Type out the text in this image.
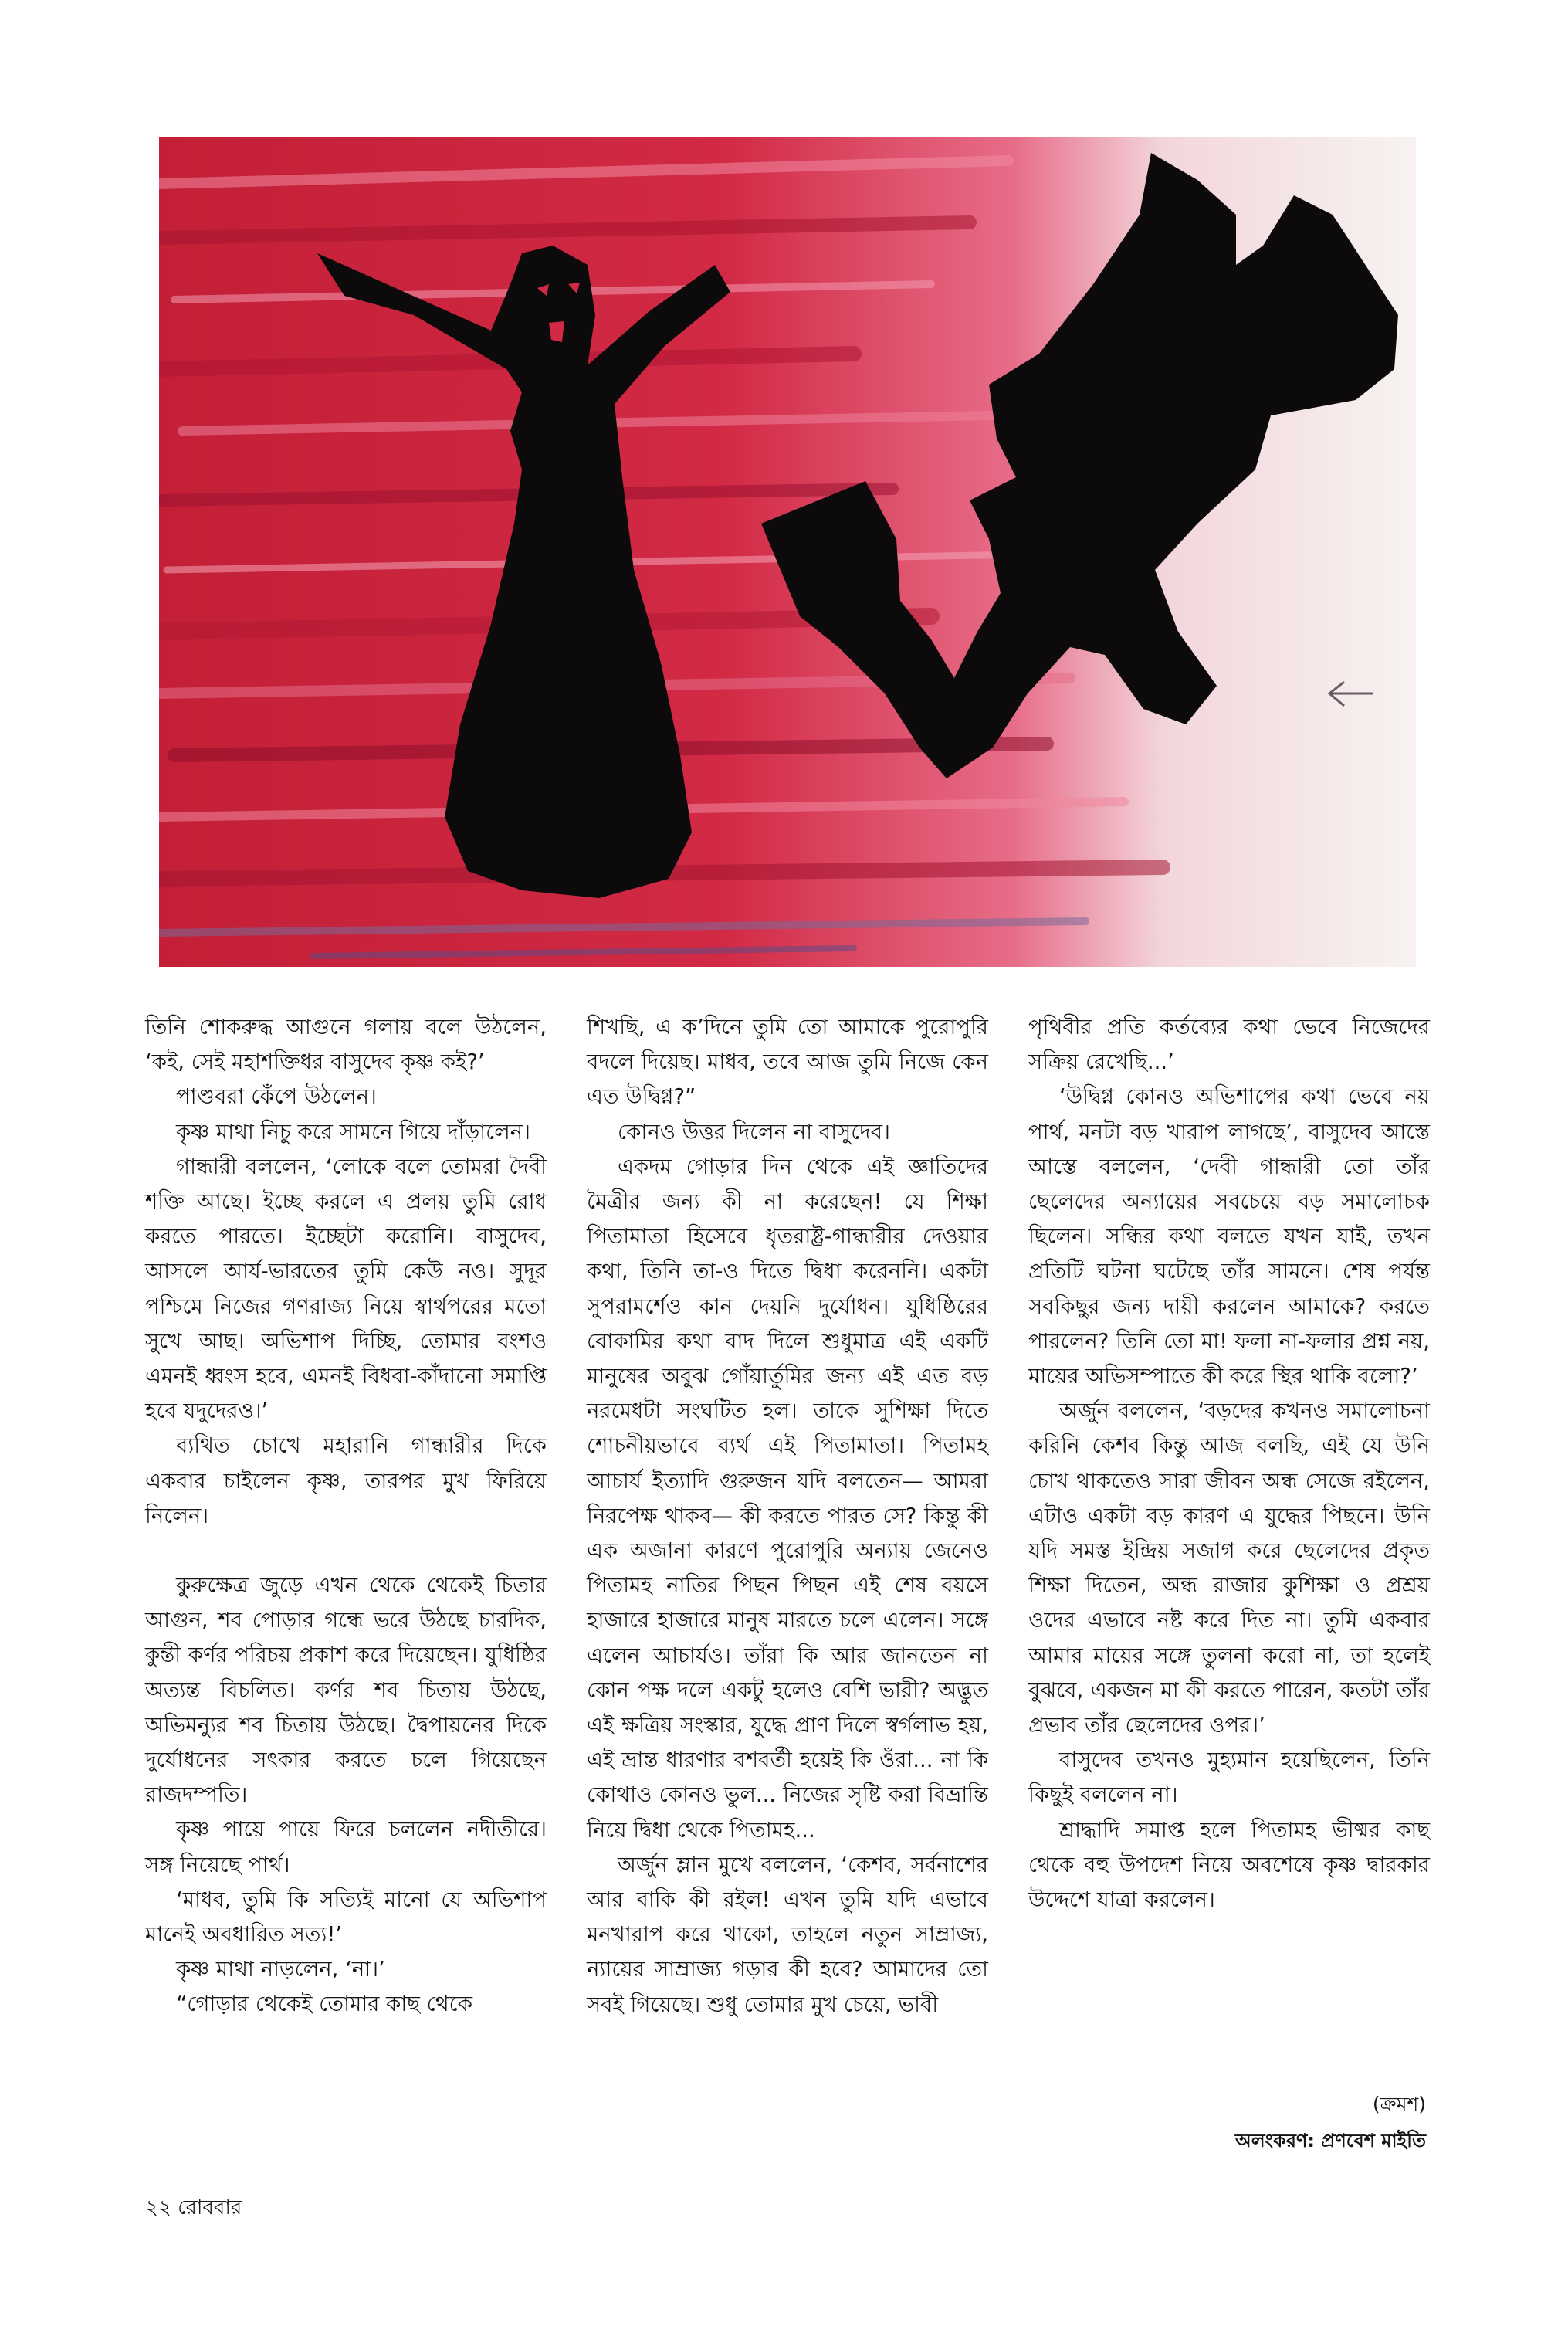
তিনি শোকরুদ্ধ আগুনে গলায় বলে উঠলেন, ‘কই, সেই মহাশক্তিধর বাসুদেব কৃষ্ণ কই?’

পাণ্ডবরা কেঁপে উঠলেন।

কৃষ্ণ মাথা নিচু করে সামনে গিয়ে দাঁড়ালেন।

গান্ধারী বললেন, ‘লোকে বলে তোমরা দৈবী শক্তি আছে। ইচ্ছে করলে এ প্রলয় তুমি রোধ করতে পারতে। ইচ্ছেটা করোনি। বাসুদেব, আসলে আর্য-ভারতের তুমি কেউ নও। সুদূর পশ্চিমে নিজের গণরাজ্য নিয়ে স্বার্থপরের মতো সুখে আছ। অভিশাপ দিচ্ছি, তোমার বংশও এমনই ধ্বংস হবে, এমনই বিধবা-কাঁদানো সমাপ্তি হবে যদুদেরও।’

ব্যথিত চোখে মহারানি গান্ধারীর দিকে একবার চাইলেন কৃষ্ণ, তারপর মুখ ফিরিয়ে নিলেন।

কুরুক্ষেত্র জুড়ে এখন থেকে থেকেই চিতার আগুন, শব পোড়ার গন্ধে ভরে উঠছে চারদিক, কুন্তী কর্ণর পরিচয় প্রকাশ করে দিয়েছেন। যুধিষ্ঠির অত্যন্ত বিচলিত। কর্ণর শব চিতায় উঠছে, অভিমন্যুর শব চিতায় উঠছে। দ্বৈপায়নের দিকে দুর্যোধনের সৎকার করতে চলে গিয়েছেন রাজদম্পতি।

কৃষ্ণ পায়ে পায়ে ফিরে চললেন নদীতীরে। সঙ্গ নিয়েছে পার্থ।

‘মাধব, তুমি কি সত্যিই মানো যে অভিশাপ মানেই অবধারিত সত্য!’

কৃষ্ণ মাথা নাড়লেন, ‘না।’

“গোড়ার থেকেই তোমার কাছ থেকে

শিখছি, এ ক’দিনে তুমি তো আমাকে পুরোপুরি বদলে দিয়েছ। মাধব, তবে আজ তুমি নিজে কেন এত উদ্বিগ্ন?”

কোনও উত্তর দিলেন না বাসুদেব।

একদম গোড়ার দিন থেকে এই জ্ঞাতিদের মৈত্রীর জন্য কী না করেছেন! যে শিক্ষা পিতামাতা হিসেবে ধৃতরাষ্ট্র-গান্ধারীর দেওয়ার কথা, তিনি তা-ও দিতে দ্বিধা করেননি। একটা সুপরামর্শেও কান দেয়নি দুর্যোধন। যুধিষ্ঠিরের বোকামির কথা বাদ দিলে শুধুমাত্র এই একটি মানুষের অবুঝ গোঁয়ার্তুমির জন্য এই এত বড় নরমেধটা সংঘটিত হল। তাকে সুশিক্ষা দিতে শোচনীয়ভাবে ব্যর্থ এই পিতামাতা। পিতামহ আচার্য ইত্যাদি গুরুজন যদি বলতেন— আমরা নিরপেক্ষ থাকব— কী করতে পারত সে? কিন্তু কী এক অজানা কারণে পুরোপুরি অন্যায় জেনেও পিতামহ নাতির পিছন পিছন এই শেষ বয়সে হাজারে হাজারে মানুষ মারতে চলে এলেন। সঙ্গে এলেন আচার্যও। তাঁরা কি আর জানতেন না কোন পক্ষ দলে একটু হলেও বেশি ভারী? অদ্ভুত এই ক্ষত্রিয় সংস্কার, যুদ্ধে প্রাণ দিলে স্বর্গলাভ হয়, এই ভ্রান্ত ধারণার বশবর্তী হয়েই কি ওঁরা... না কি কোথাও কোনও ভুল... নিজের সৃষ্টি করা বিভ্রান্তি নিয়ে দ্বিধা থেকে পিতামহ...

অর্জুন ম্লান মুখে বললেন, ‘কেশব, সর্বনাশের আর বাকি কী রইল! এখন তুমি যদি এভাবে মনখারাপ করে থাকো, তাহলে নতুন সাম্রাজ্য, ন্যায়ের সাম্রাজ্য গড়ার কী হবে? আমাদের তো সবই গিয়েছে। শুধু তোমার মুখ চেয়ে, ভাবী

পৃথিবীর প্রতি কর্তব্যের কথা ভেবে নিজেদের সক্রিয় রেখেছি...’

‘উদ্বিগ্ন কোনও অভিশাপের কথা ভেবে নয় পার্থ, মনটা বড় খারাপ লাগছে’, বাসুদেব আস্তে আস্তে বললেন, ‘দেবী গান্ধারী তো তাঁর ছেলেদের অন্যায়ের সবচেয়ে বড় সমালোচক ছিলেন। সন্ধির কথা বলতে যখন যাই, তখন প্রতিটি ঘটনা ঘটেছে তাঁর সামনে। শেষ পর্যন্ত সবকিছুর জন্য দায়ী করলেন আমাকে? করতে পারলেন? তিনি তো মা! ফলা না-ফলার প্রশ্ন নয়, মায়ের অভিসম্পাতে কী করে স্থির থাকি বলো?’

অর্জুন বললেন, ‘বড়দের কখনও সমালোচনা করিনি কেশব কিন্তু আজ বলছি, এই যে উনি চোখ থাকতেও সারা জীবন অন্ধ সেজে রইলেন, এটাও একটা বড় কারণ এ যুদ্ধের পিছনে। উনি যদি সমস্ত ইন্দ্রিয় সজাগ করে ছেলেদের প্রকৃত শিক্ষা দিতেন, অন্ধ রাজার কুশিক্ষা ও প্রশ্রয় ওদের এভাবে নষ্ট করে দিত না। তুমি একবার আমার মায়ের সঙ্গে তুলনা করো না, তা হলেই বুঝবে, একজন মা কী করতে পারেন, কতটা তাঁর প্রভাব তাঁর ছেলেদের ওপর।’

বাসুদেব তখনও মুহ্যমান হয়েছিলেন, তিনি কিছুই বললেন না।

শ্রাদ্ধাদি সমাপ্ত হলে পিতামহ ভীষ্মর কাছ থেকে বহু উপদেশ নিয়ে অবশেষে কৃষ্ণ দ্বারকার উদ্দেশে যাত্রা করলেন।

(ক্রমশ)
অলংকরণ: প্রণবেশ মাইতি
২২ রোববার
